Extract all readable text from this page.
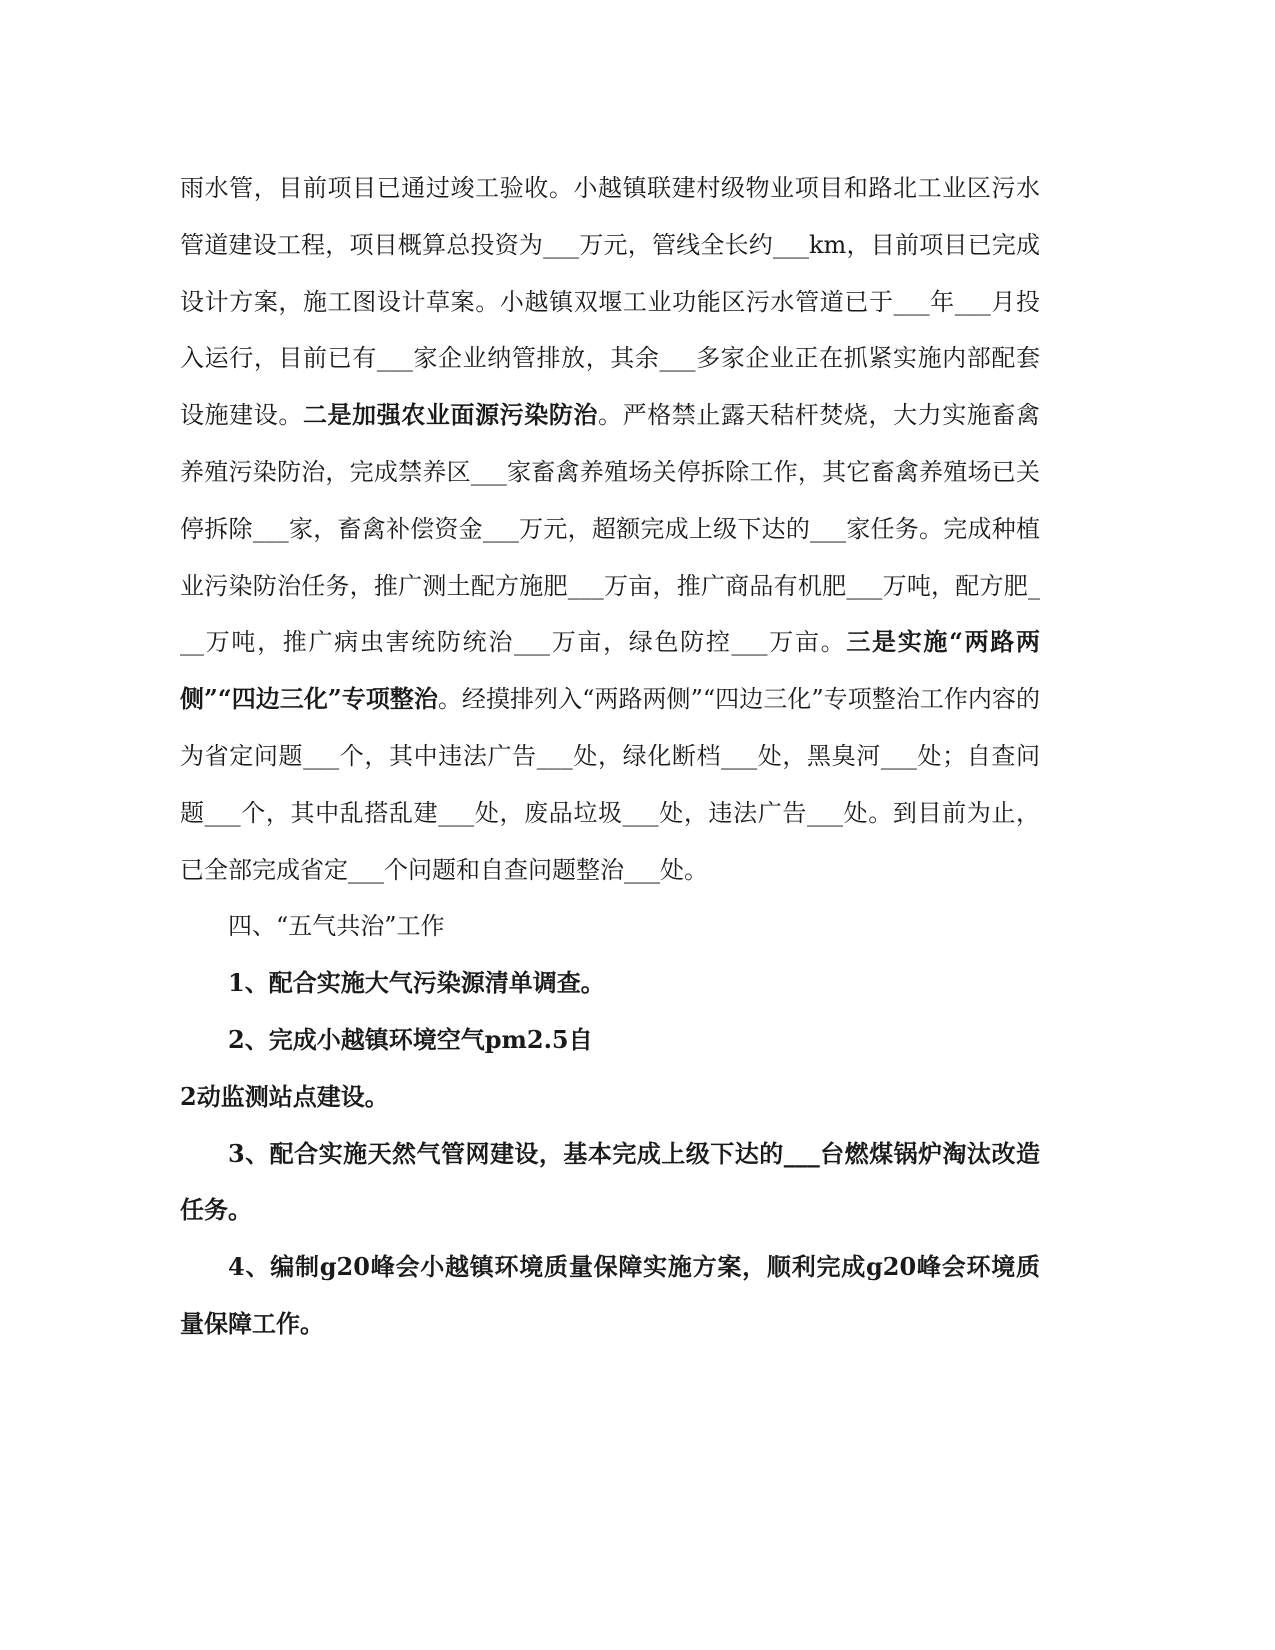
雨水管，目前项目已通过竣工验收。小越镇联建村级物业项目和路北工业区污水管道建设工程，项目概算总投资为___万元，管线全长约___km，目前项目已完成设计方案，施工图设计草案。小越镇双堰工业功能区污水管道已于___年___月投入运行，目前已有___家企业纳管排放，其余___多家企业正在抓紧实施内部配套设施建设。二是加强农业面源污染防治。严格禁止露天秸杆焚烧，大力实施畜禽养殖污染防治，完成禁养区___家畜禽养殖场关停拆除工作，其它畜禽养殖场已关停拆除___家，畜禽补偿资金___万元，超额完成上级下达的___家任务。完成种植业污染防治任务，推广测土配方施肥___万亩，推广商品有机肥___万吨，配方肥___万吨，推广病虫害统防统治___万亩，绿色防控___万亩。三是实施“两路两侧”“四边三化”专项整治。经摸排列入“两路两侧”“四边三化”专项整治工作内容的为省定问题___个，其中违法广告___处，绿化断档___处，黑臭河___处；自查问题___个，其中乱搭乱建___处，废品垃圾___处，违法广告___处。到目前为止，已全部完成省定___个问题和自查问题整治___处。

四、“五气共治”工作

1、配合实施大气污染源清单调查。

2、完成小越镇环境空气pm2.5自

2动监测站点建设。

3、配合实施天然气管网建设，基本完成上级下达的___台燃煤锅炉淘汰改造任务。

4、编制g20峰会小越镇环境质量保障实施方案，顺利完成g20峰会环境质量保障工作。
